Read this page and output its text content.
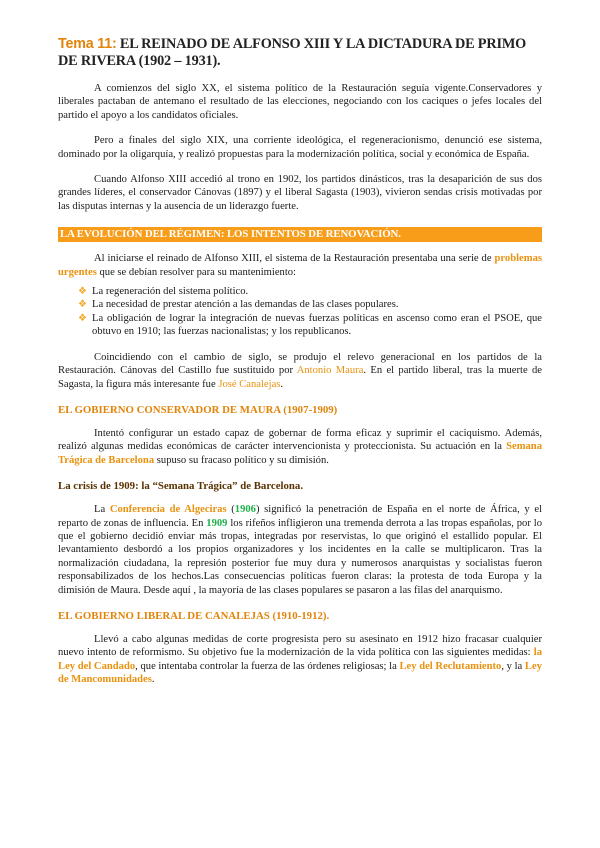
Tema 11: EL REINADO DE ALFONSO XIII Y LA DICTADURA DE PRIMO DE RIVERA (1902 – 1931).

A comienzos del siglo XX, el sistema político de la Restauración seguía vigente.Conservadores y liberales pactaban de antemano el resultado de las elecciones, negociando con los caciques o jefes locales del partido el apoyo a los candidatos oficiales.

Pero a finales del siglo XIX, una corriente ideológica, el regeneracionismo, denunció ese sistema, dominado por la oligarquía, y realizó propuestas para la modernización política, social y económica de España.

Cuando Alfonso XIII accedió al trono en 1902, los partidos dinásticos, tras la desaparición de sus dos grandes líderes, el conservador Cánovas (1897) y el liberal Sagasta (1903), vivieron sendas crisis motivadas por las disputas internas y la ausencia de un liderazgo fuerte.

LA EVOLUCIÓN DEL RÉGIMEN: LOS INTENTOS DE RENOVACIÓN.

Al iniciarse el reinado de Alfonso XIII, el sistema de la Restauración presentaba una serie de problemas urgentes que se debían resolver para su mantenimiento:

❖ La regeneración del sistema político.
❖ La necesidad de prestar atención a las demandas de las clases populares.
❖ La obligación de lograr la integración de nuevas fuerzas políticas en ascenso como eran el PSOE, que obtuvo en 1910; las fuerzas nacionalistas; y los republicanos.

Coincidiendo con el cambio de siglo, se produjo el relevo generacional en los partidos de la Restauración. Cánovas del Castillo fue sustituido por Antonio Maura. En el partido liberal, tras la muerte de Sagasta, la figura más interesante fue José Canalejas.

EL GOBIERNO CONSERVADOR DE MAURA (1907-1909)

Intentó configurar un estado capaz de gobernar de forma eficaz y suprimir el caciquismo. Además, realizó algunas medidas económicas de carácter intervencionista y proteccionista. Su actuación en la Semana Trágica de Barcelona supuso su fracaso político y su dimisión.

La crisis de 1909: la “Semana Trágica” de Barcelona.

La Conferencia de Algeciras (1906) significó la penetración de España en el norte de África, y el reparto de zonas de influencia. En 1909 los rifeños infligieron una tremenda derrota a las tropas españolas, por lo que el gobierno decidió enviar más tropas, integradas por reservistas, lo que originó el estallido popular. El levantamiento desbordó a los propios organizadores y los incidentes en la calle se multiplicaron. Tras la normalización ciudadana, la represión posterior fue muy dura y numerosos anarquistas y socialistas fueron responsabilizados de los hechos.Las consecuencias políticas fueron claras: la protesta de toda Europa y la dimisión de Maura. Desde aquí , la mayoría de las clases populares se pasaron a las filas del anarquismo.

EL GOBIERNO LIBERAL DE CANALEJAS (1910-1912).

Llevó a cabo algunas medidas de corte progresista pero su asesinato en 1912 hizo fracasar cualquier nuevo intento de reformismo. Su objetivo fue la modernización de la vida política con las siguientes medidas: la Ley del Candado, que intentaba controlar la fuerza de las órdenes religiosas; la Ley del Reclutamiento, y la Ley de Mancomunidades.
